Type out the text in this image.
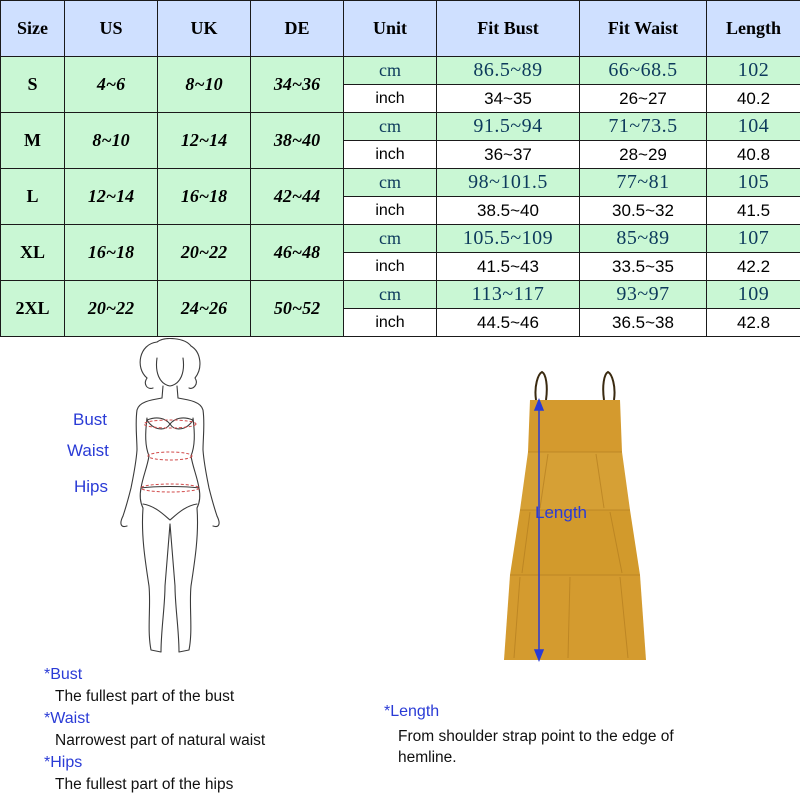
Size	US	UK	DE	Unit	Fit Bust	Fit Waist	Length
S	4~6	8~10	34~36	cm	86.5~89	66~68.5	102
				inch	34~35	26~27	40.2
M	8~10	12~14	38~40	cm	91.5~94	71~73.5	104
				inch	36~37	28~29	40.8
L	12~14	16~18	42~44	cm	98~101.5	77~81	105
				inch	38.5~40	30.5~32	41.5
XL	16~18	20~22	46~48	cm	105.5~109	85~89	107
				inch	41.5~43	33.5~35	42.2
2XL	20~22	24~26	50~52	cm	113~117	93~97	109
				inch	44.5~46	36.5~38	42.8
Bust
Waist
Hips
Length
*Bust
The fullest part of the bust
*Waist
Narrowest part of natural waist
*Hips
The fullest part of the hips
*Length
From shoulder strap point to the edge of
hemline.
